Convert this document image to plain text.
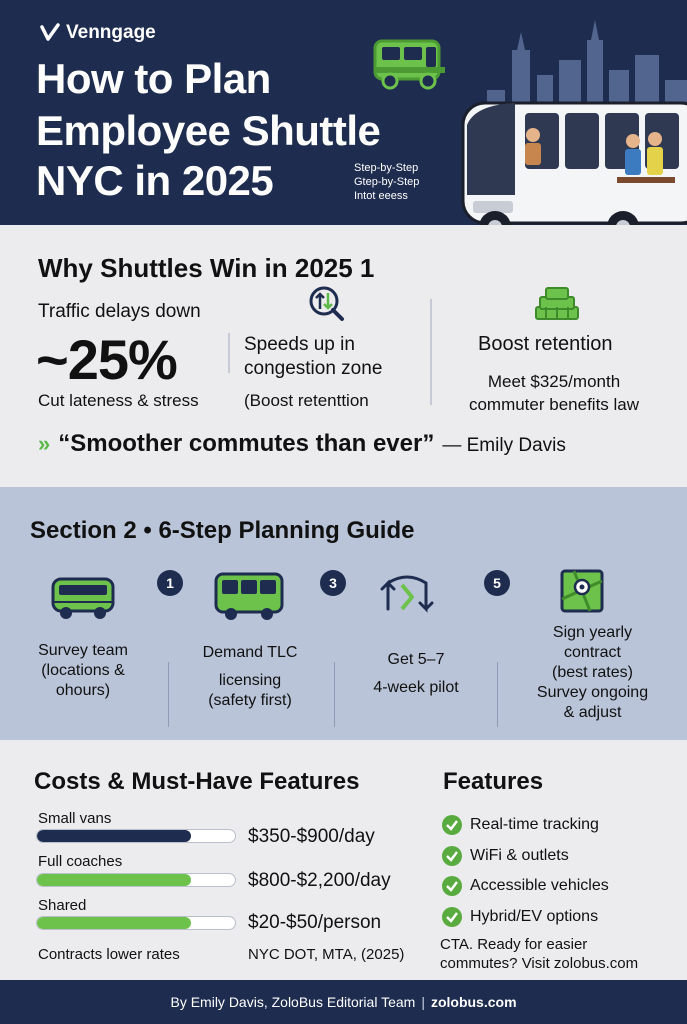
Venngage
How to Plan
Employee Shuttle
NYC in 2025	Step-by-Step
Gtep-by-Step
Intot eeess
Why Shuttles Win in 2025 1
Traffic delays down
~25%
Cut lateness & stress
Speeds up in
congestion zone
(Boost retenttion
Boost retention
Meet $325/month
commuter benefits law
» “Smoother commutes than ever” — Emily Davis
Section 2 • 6-Step Planning Guide
1	3	5
Survey team
(locations &
ohours)
Demand TLC
licensing
(safety first)
Get 5–7
4-week pilot
Sign yearly
contract
(best rates)
Survey ongoing
& adjust
Costs & Must-Have Features	Features
Small vans
$350-$900/day
Full coaches
$800-$2,200/day
Shared
$20-$50/person
Contracts lower rates	NYC DOT, MTA, (2025)
Real-time tracking
WiFi & outlets
Accessible vehicles
Hybrid/EV options
CTA. Ready for easier
commutes? Visit zolobus.com
By Emily Davis, ZoloBus Editorial Team | zolobus.com
